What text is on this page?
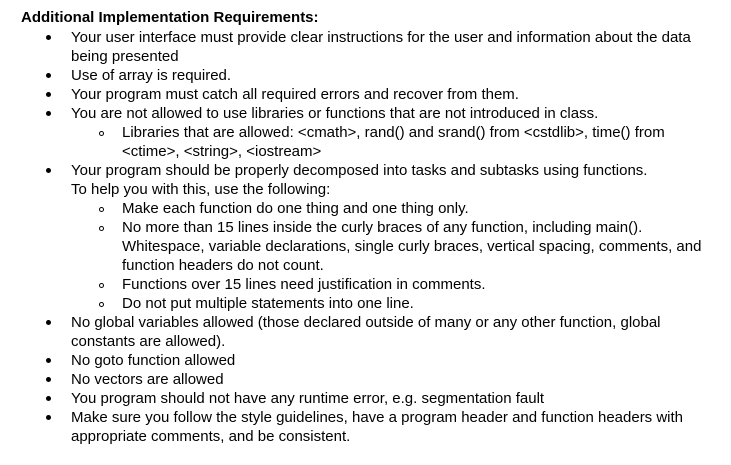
Additional Implementation Requirements:
Your user interface must provide clear instructions for the user and information about the data being presented
Use of array is required.
Your program must catch all required errors and recover from them.
You are not allowed to use libraries or functions that are not introduced in class.
Libraries that are allowed: <cmath>, rand() and srand() from <cstdlib>, time() from <ctime>, <string>, <iostream>
Your program should be properly decomposed into tasks and subtasks using functions.
To help you with this, use the following:
Make each function do one thing and one thing only.
No more than 15 lines inside the curly braces of any function, including main(). Whitespace, variable declarations, single curly braces, vertical spacing, comments, and function headers do not count.
Functions over 15 lines need justification in comments.
Do not put multiple statements into one line.
No global variables allowed (those declared outside of many or any other function, global constants are allowed).
No goto function allowed
No vectors are allowed
You program should not have any runtime error, e.g. segmentation fault
Make sure you follow the style guidelines, have a program header and function headers with appropriate comments, and be consistent.
